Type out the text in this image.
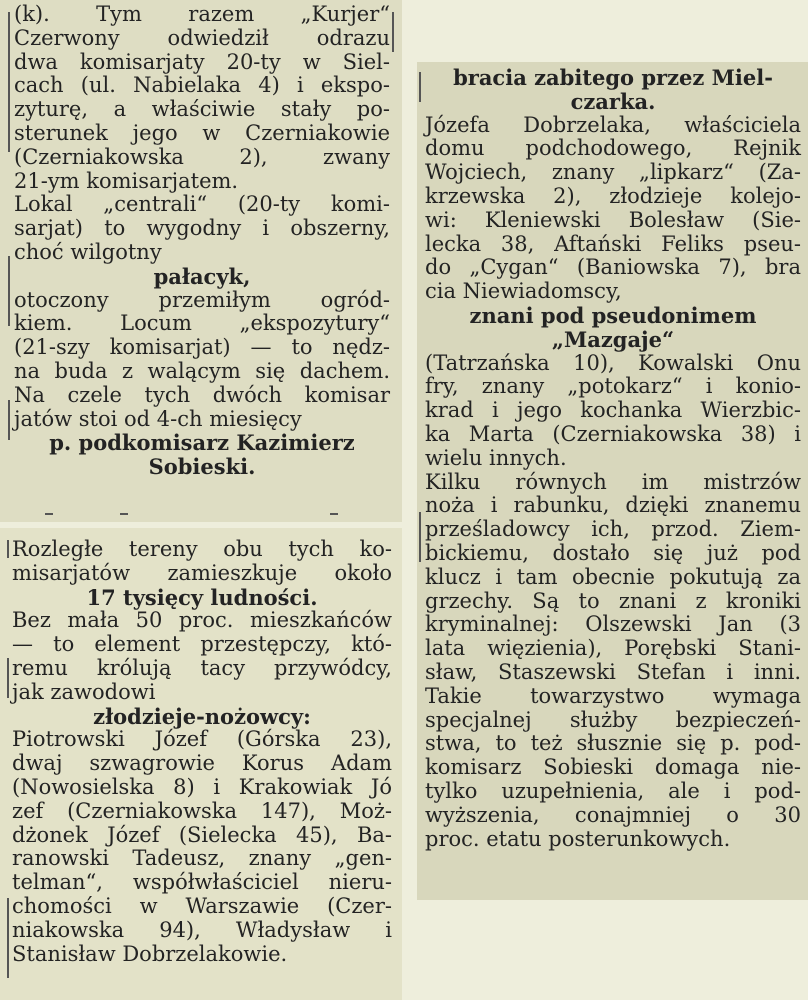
(k). Tym razem „Kurjer“
Czerwony odwiedził odrazu
dwa komisarjaty 20-ty w Siel-
cach (ul. Nabielaka 4) i ekspo-
zyturę, a właściwie stały po-
sterunek jego w Czerniakowie
(Czerniakowska 2), zwany
21-ym komisarjatem.
Lokal „centrali“ (20-ty komi-
sarjat) to wygodny i obszerny,
choć wilgotny
pałacyk,
otoczony przemiłym ogród-
kiem. Locum „ekspozytury“
(21-szy komisarjat) — to nędz-
na buda z walącym się dachem.
Na czele tych dwóch komisar
jatów stoi od 4-ch miesięcy
p. podkomisarz Kazimierz
Sobieski.
Rozległe tereny obu tych ko-
misarjatów zamieszkuje około
17 tysięcy ludności.
Bez mała 50 proc. mieszkańców
— to element przestępczy, któ-
remu królują tacy przywódcy,
jak zawodowi
złodzieje-nożowcy:
Piotrowski Józef (Górska 23),
dwaj szwagrowie Korus Adam
(Nowosielska 8) i Krakowiak Jó
zef (Czerniakowska 147), Moż-
dżonek Józef (Sielecka 45), Ba-
ranowski Tadeusz, znany „gen-
telman“, współwłaściciel nieru-
chomości w Warszawie (Czer-
niakowska 94), Władysław i
Stanisław Dobrzelakowie.
bracia zabitego przez Miel-
czarka.
Józefa Dobrzelaka, właściciela
domu podchodowego, Rejnik
Wojciech, znany „lipkarz“ (Za-
krzewska 2), złodzieje kolejo-
wi: Kleniewski Bolesław (Sie-
lecka 38, Aftański Feliks pseu-
do „Cygan“ (Baniowska 7), bra
cia Niewiadomscy,
znani pod pseudonimem
„Mazgaje“
(Tatrzańska 10), Kowalski Onu
fry, znany „potokarz“ i konio-
krad i jego kochanka Wierzbic-
ka Marta (Czerniakowska 38) i
wielu innych.
Kilku równych im mistrzów
noża i rabunku, dzięki znanemu
prześladowcy ich, przod. Ziem-
bickiemu, dostało się już pod
klucz i tam obecnie pokutują za
grzechy. Są to znani z kroniki
kryminalnej: Olszewski Jan (3
lata więzienia), Porębski Stani-
sław, Staszewski Stefan i inni.
Takie towarzystwo wymaga
specjalnej służby bezpieczeń-
stwa, to też słusznie się p. pod-
komisarz Sobieski domaga nie-
tylko uzupełnienia, ale i pod-
wyższenia, conajmniej o 30
proc. etatu posterunkowych.
